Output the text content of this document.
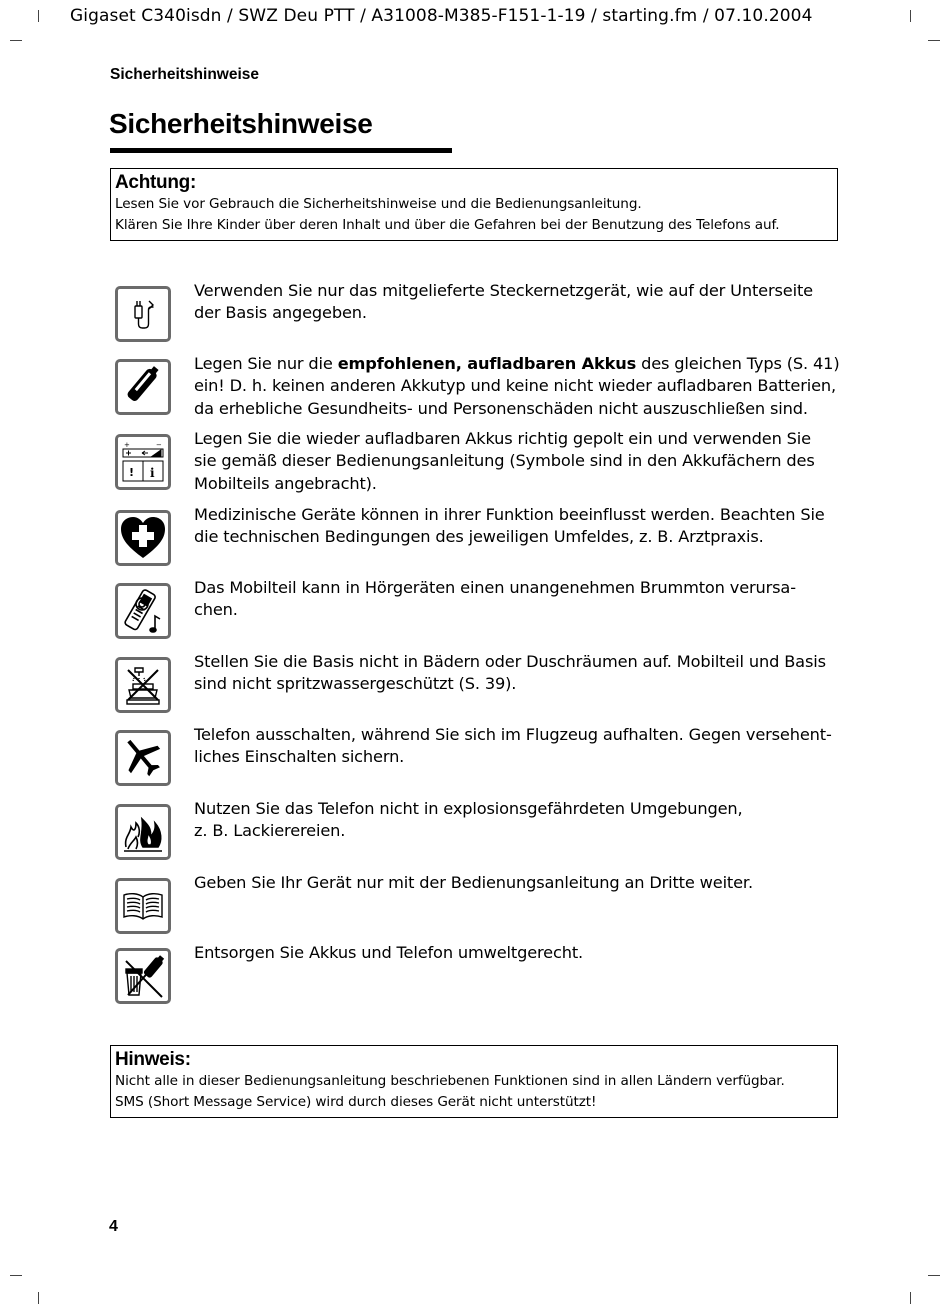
Gigaset C340isdn / SWZ Deu PTT / A31008-M385-F151-1-19 / starting.fm / 07.10.2004
Sicherheitshinweise
Sicherheitshinweise
Achtung:
Lesen Sie vor Gebrauch die Sicherheitshinweise und die Bedienungsanleitung.
Klären Sie Ihre Kinder über deren Inhalt und über die Gefahren bei der Benutzung des Telefons auf.
Verwenden Sie nur das mitgelieferte Steckernetzgerät, wie auf der Unterseite
der Basis angegeben.
Legen Sie nur die empfohlenen, aufladbaren Akkus des gleichen Typs (S. 41)
ein! D. h. keinen anderen Akkutyp und keine nicht wieder aufladbaren Batterien,
da erhebliche Gesundheits- und Personenschäden nicht auszuschließen sind.
+	−
! i
Legen Sie die wieder aufladbaren Akkus richtig gepolt ein und verwenden Sie
sie gemäß dieser Bedienungsanleitung (Symbole sind in den Akkufächern des
Mobilteils angebracht).
Medizinische Geräte können in ihrer Funktion beeinflusst werden. Beachten Sie
die technischen Bedingungen des jeweiligen Umfeldes, z. B. Arztpraxis.
Das Mobilteil kann in Hörgeräten einen unangenehmen Brummton verursa-
chen.
Stellen Sie die Basis nicht in Bädern oder Duschräumen auf. Mobilteil und Basis
sind nicht spritzwassergeschützt (S. 39).
Telefon ausschalten, während Sie sich im Flugzeug aufhalten. Gegen versehent-
liches Einschalten sichern.
Nutzen Sie das Telefon nicht in explosionsgefährdeten Umgebungen,
z. B. Lackierereien.
Geben Sie Ihr Gerät nur mit der Bedienungsanleitung an Dritte weiter.
Entsorgen Sie Akkus und Telefon umweltgerecht.
Hinweis:
Nicht alle in dieser Bedienungsanleitung beschriebenen Funktionen sind in allen Ländern verfügbar.
SMS (Short Message Service) wird durch dieses Gerät nicht unterstützt!
4
